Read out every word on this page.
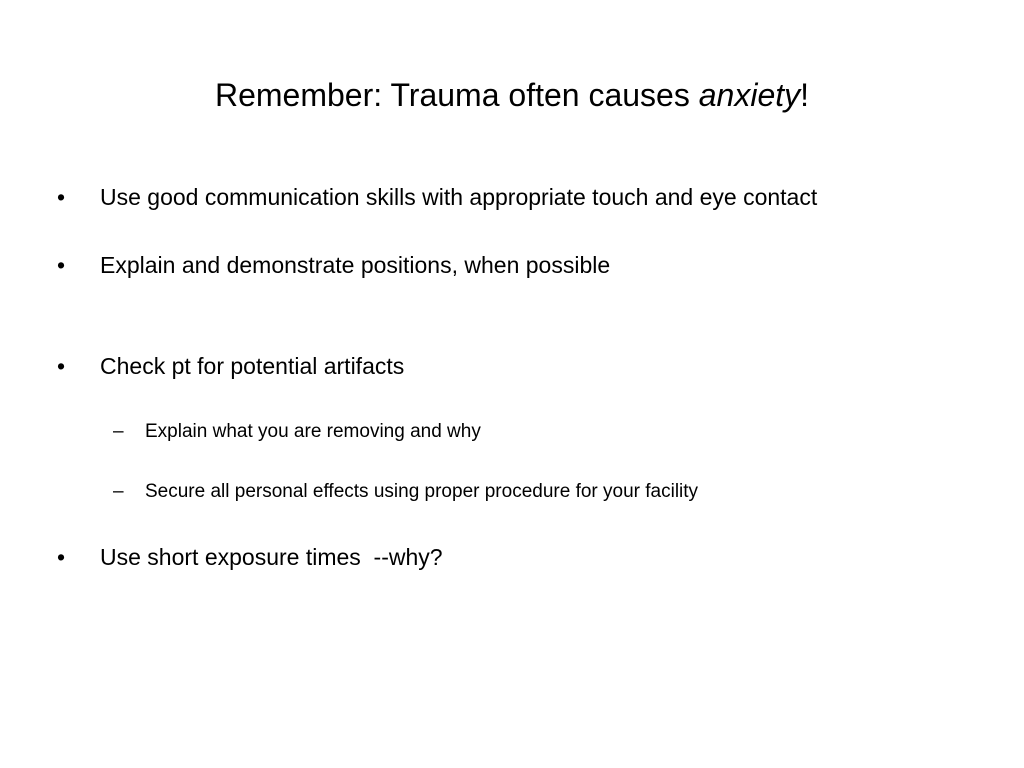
Remember: Trauma often causes anxiety!
• Use good communication skills with appropriate touch and eye contact
• Explain and demonstrate positions, when possible
• Check pt for potential artifacts
– Explain what you are removing and why
– Secure all personal effects using proper procedure for your facility
• Use short exposure times  --why?
